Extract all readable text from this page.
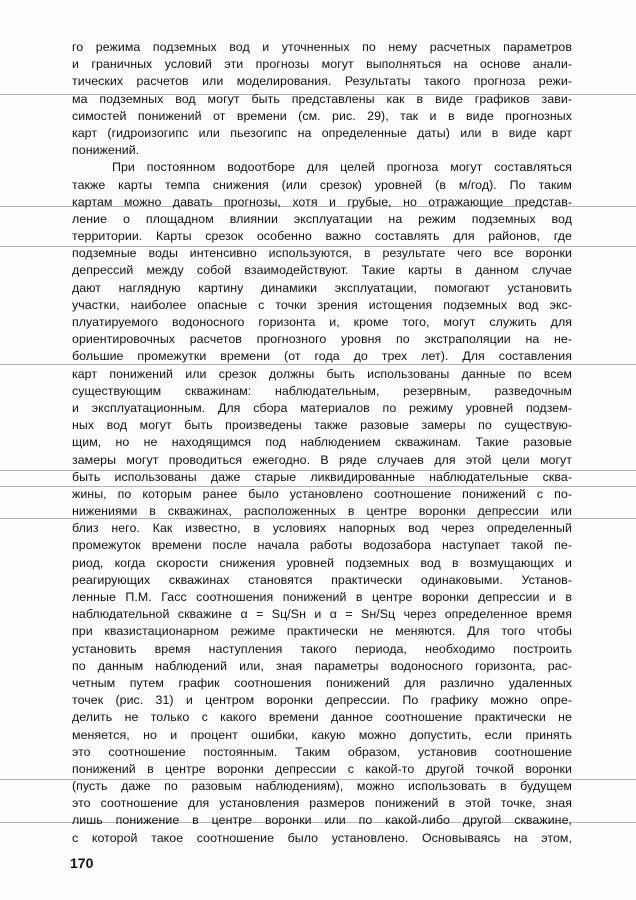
го режима подземных вод и уточненных по нему расчетных параметров
и граничных условий эти прогнозы могут выполняться на основе анали-
тических расчетов или моделирования. Результаты такого прогноза режи-
ма подземных вод могут быть представлены как в виде графиков зави-
симостей понижений от времени (см. рис. 29), так и в виде прогнозных
карт (гидроизогипс или пьезогипс на определенные даты) или в виде карт
понижений.
При постоянном водоотборе для целей прогноза могут составляться
также карты темпа снижения (или срезок) уровней (в м/год). По таким
картам можно давать прогнозы, хотя и грубые, но отражающие представ-
ление о площадном влиянии эксплуатации на режим подземных вод
территории. Карты срезок особенно важно составлять для районов, где
подземные воды интенсивно используются, в результате чего все воронки
депрессий между собой взаимодействуют. Такие карты в данном случае
дают наглядную картину динамики эксплуатации, помогают установить
участки, наиболее опасные с точки зрения истощения подземных вод экс-
плуатируемого водоносного горизонта и, кроме того, могут служить для
ориентировочных расчетов прогнозного уровня по экстраполяции на не-
большие промежутки времени (от года до трех лет). Для составления
карт понижений или срезок должны быть использованы данные по всем
существующим скважинам: наблюдательным, резервным, разведочным
и эксплуатационным. Для сбора материалов по режиму уровней подзем-
ных вод могут быть произведены также разовые замеры по существую-
щим, но не находящимся под наблюдением скважинам. Такие разовые
замеры могут проводиться ежегодно. В ряде случаев для этой цели могут
быть использованы даже старые ликвидированные наблюдательные сква-
жины, по которым ранее было установлено соотношение понижений с по-
нижениями в скважинах, расположенных в центре воронки депрессии или
близ него. Как известно, в условиях напорных вод через определенный
промежуток времени после начала работы водозабора наступает такой пе-
риод, когда скорости снижения уровней подземных вод в возмущающих и
реагирующих скважинах становятся практически одинаковыми. Установ-
ленные П.М. Гасс соотношения понижений в центре воронки депрессии и в
наблюдательной скважине α = Sц/Sн и α = Sн/Sц через определенное время
при квазистационарном режиме практически не меняются. Для того чтобы
установить время наступления такого периода, необходимо построить
по данным наблюдений или, зная параметры водоносного горизонта, рас-
четным путем график соотношения понижений для различно удаленных
точек (рис. 31) и центром воронки депрессии. По графику можно опре-
делить не только с какого времени данное соотношение практически не
меняется, но и процент ошибки, какую можно допустить, если принять
это соотношение постоянным. Таким образом, установив соотношение
понижений в центре воронки депрессии с какой-то другой точкой воронки
(пусть даже по разовым наблюдениям), можно использовать в будущем
это соотношение для установления размеров понижений в этой точке, зная
лишь понижение в центре воронки или по какой-либо другой скважине,
с которой такое соотношение было установлено. Основываясь на этом,
170
